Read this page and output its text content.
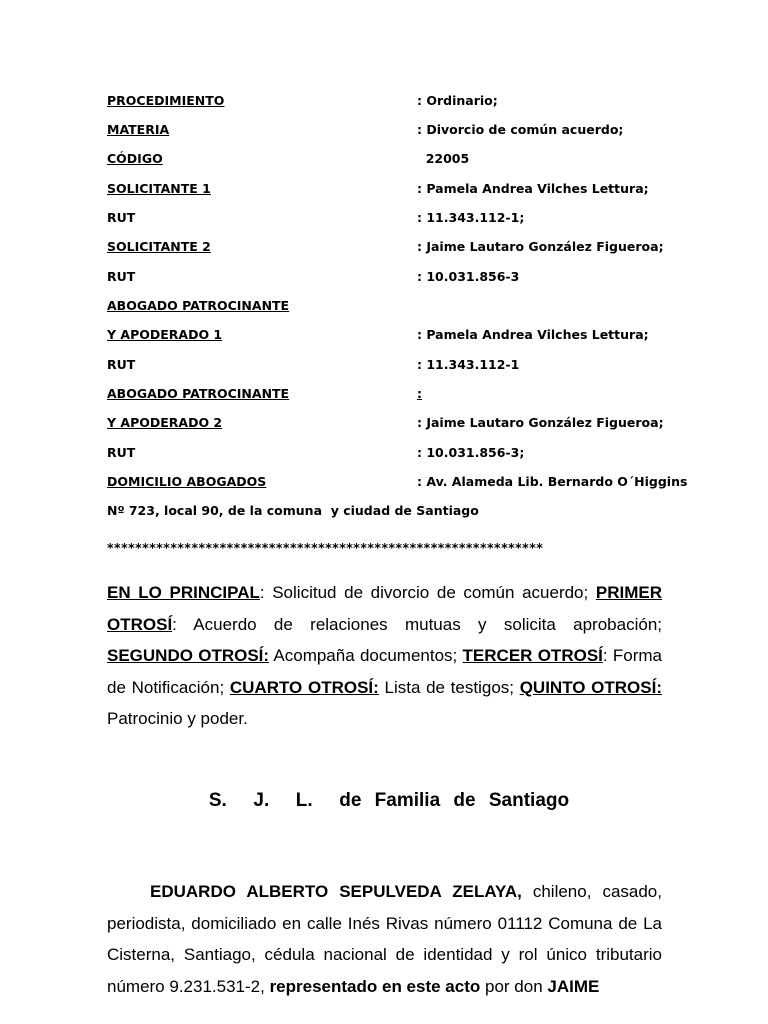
PROCEDIMIENTO	: Ordinario;
MATERIA	: Divorcio de común acuerdo;
CÓDIGO	22005
SOLICITANTE 1	: Pamela Andrea Vilches Lettura;
RUT	: 11.343.112-1;
SOLICITANTE 2	: Jaime Lautaro González Figueroa;
RUT	: 10.031.856-3
ABOGADO PATROCINANTE
Y APODERADO 1	: Pamela Andrea Vilches Lettura;
RUT	: 11.343.112-1
ABOGADO PATROCINANTE	:
Y APODERADO 2	: Jaime Lautaro González Figueroa;
RUT	: 10.031.856-3;
DOMICILIO ABOGADOS	: Av. Alameda Lib. Bernardo O´Higgins
Nº 723, local 90, de la comuna  y ciudad de Santiago
**************************************************************
EN LO PRINCIPAL: Solicitud de divorcio de común acuerdo; PRIMER OTROSÍ: Acuerdo de relaciones mutuas y solicita aprobación; SEGUNDO OTROSÍ: Acompaña documentos; TERCER OTROSÍ: Forma de Notificación; CUARTO OTROSÍ: Lista de testigos; QUINTO OTROSÍ: Patrocinio y poder.
S.  J.  L.  de Familia de Santiago
EDUARDO ALBERTO SEPULVEDA ZELAYA, chileno, casado, periodista, domiciliado en calle Inés Rivas número 01112 Comuna de La Cisterna, Santiago, cédula nacional de identidad y rol único tributario número 9.231.531-2, representado en este acto por don JAIME
